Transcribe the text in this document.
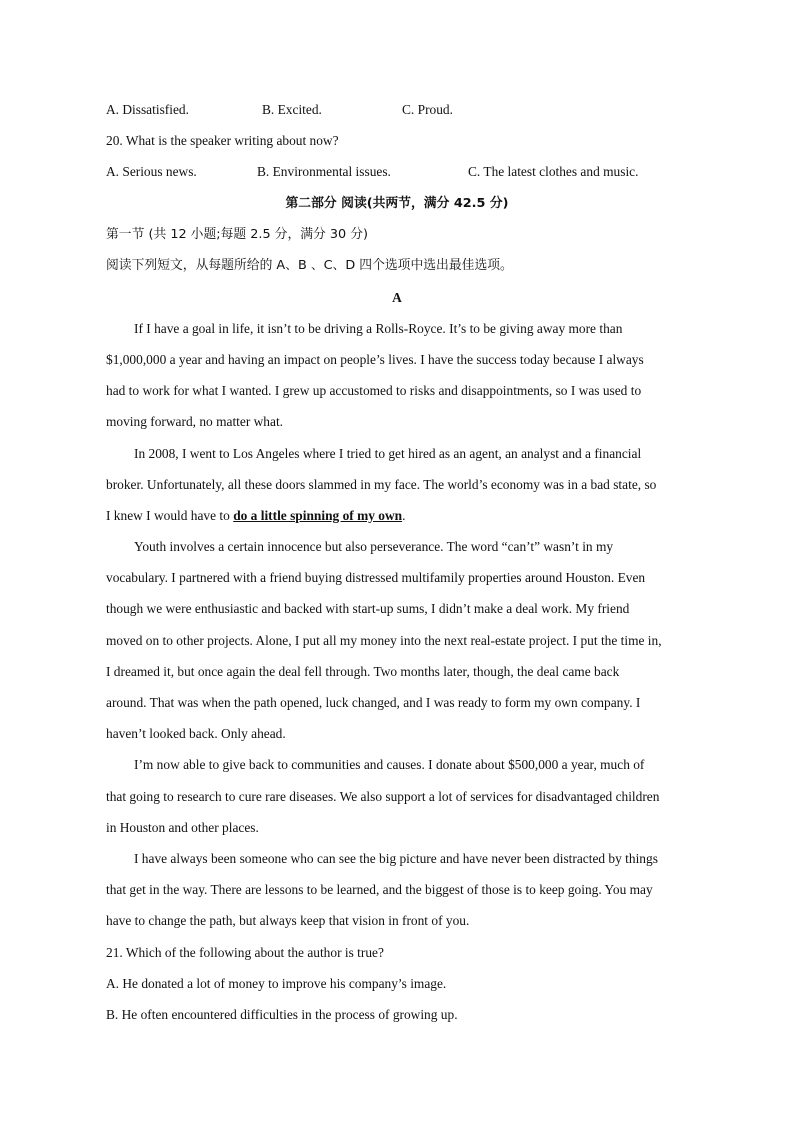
A. Dissatisfied.	B. Excited.	C. Proud.
20. What is the speaker writing about now?
A. Serious news.	B. Environmental issues.	C. The latest clothes and music.
第二部分 阅读(共两节，满分 42.5 分)
第一节 (共 12 小题;每题 2.5 分，满分 30 分)
阅读下列短文，从每题所给的 A、B 、C、D 四个选项中选出最佳选项。
A
If I have a goal in life, it isn’t to be driving a Rolls-Royce. It’s to be giving away more than
$1,000,000 a year and having an impact on people’s lives. I have the success today because I always
had to work for what I wanted. I grew up accustomed to risks and disappointments, so I was used to
moving forward, no matter what.
In 2008, I went to Los Angeles where I tried to get hired as an agent, an analyst and a financial
broker. Unfortunately, all these doors slammed in my face. The world’s economy was in a bad state, so
I knew I would have to do a little spinning of my own.
Youth involves a certain innocence but also perseverance. The word “can’t” wasn’t in my
vocabulary. I partnered with a friend buying distressed multifamily properties around Houston. Even
though we were enthusiastic and backed with start-up sums, I didn’t make a deal work. My friend
moved on to other projects. Alone, I put all my money into the next real-estate project. I put the time in,
I dreamed it, but once again the deal fell through. Two months later, though, the deal came back
around. That was when the path opened, luck changed, and I was ready to form my own company. I
haven’t looked back. Only ahead.
I’m now able to give back to communities and causes. I donate about $500,000 a year, much of
that going to research to cure rare diseases. We also support a lot of services for disadvantaged children
in Houston and other places.
I have always been someone who can see the big picture and have never been distracted by things
that get in the way. There are lessons to be learned, and the biggest of those is to keep going. You may
have to change the path, but always keep that vision in front of you.
21. Which of the following about the author is true?
A. He donated a lot of money to improve his company’s image.
B. He often encountered difficulties in the process of growing up.
